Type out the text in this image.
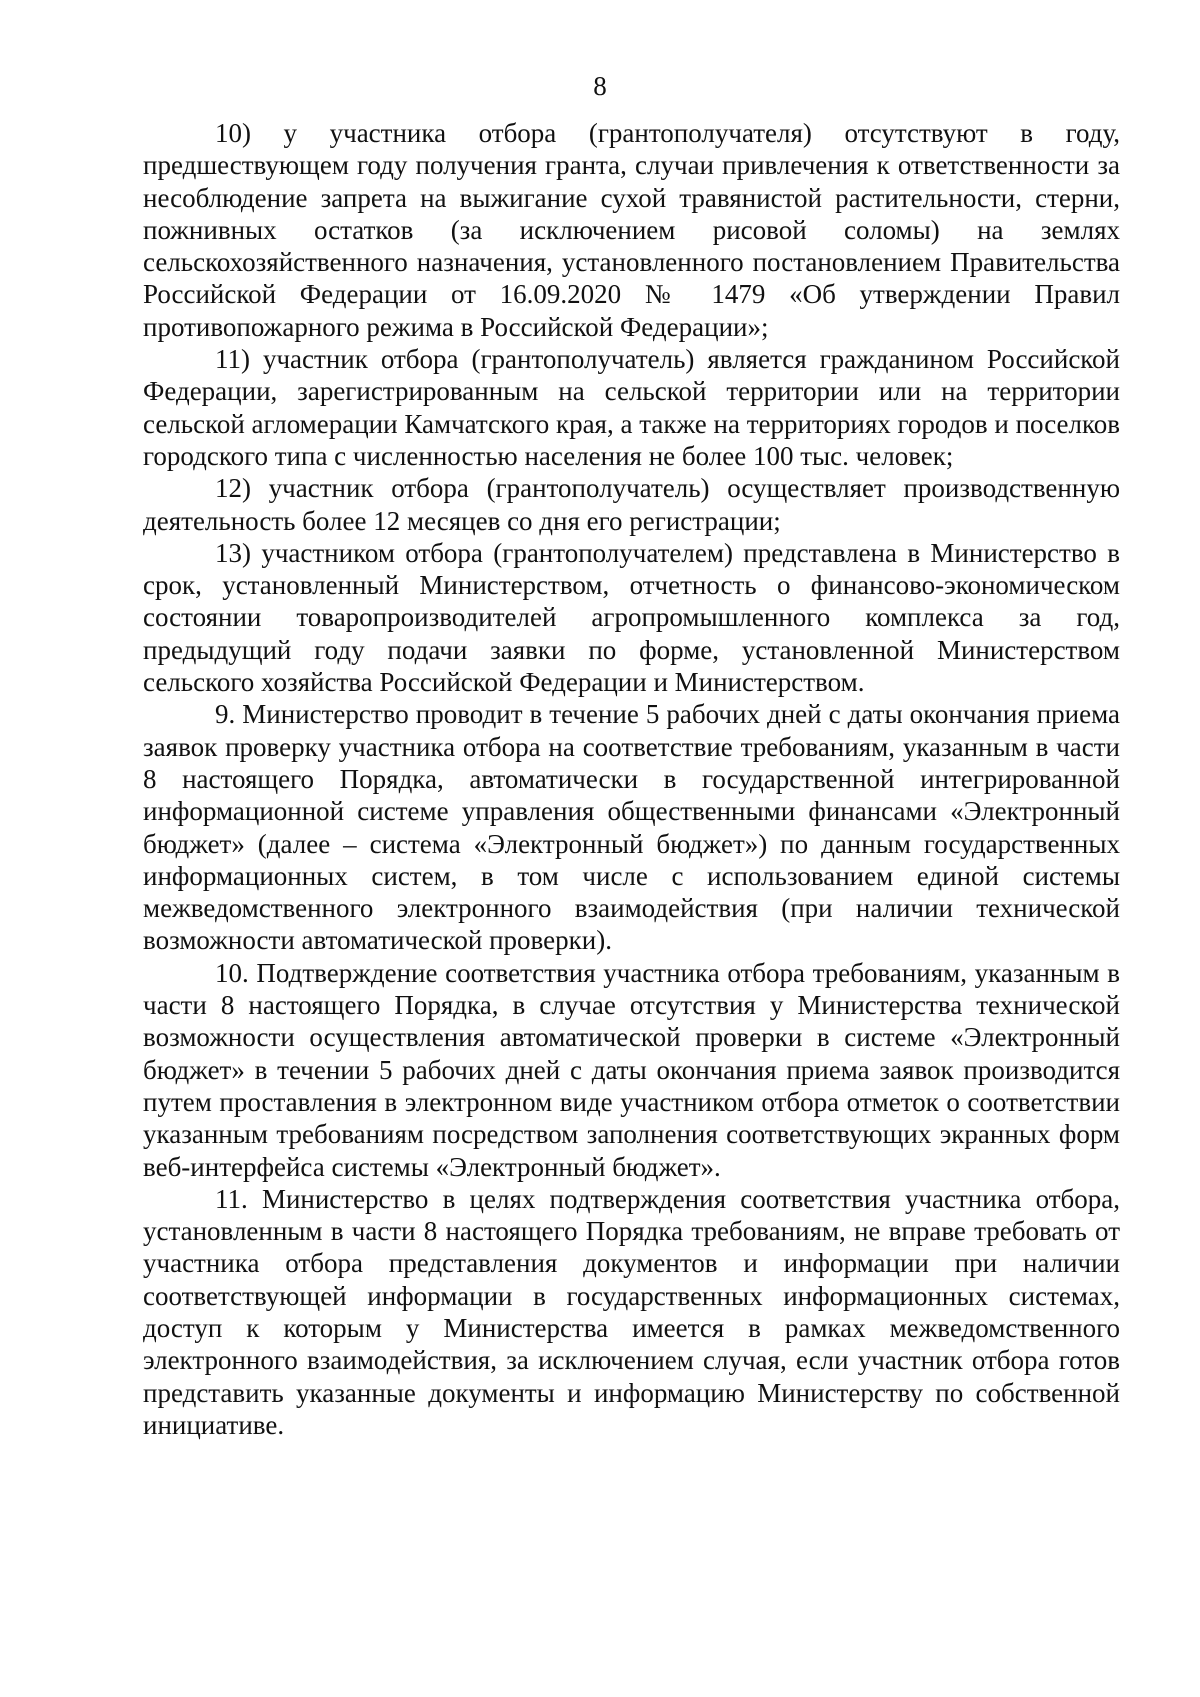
8

10) у участника отбора (грантополучателя) отсутствуют в году, предшествующем году получения гранта, случаи привлечения к ответственности за несоблюдение запрета на выжигание сухой травянистой растительности, стерни, пожнивных остатков (за исключением рисовой соломы) на землях сельскохозяйственного назначения, установленного постановлением Правительства Российской Федерации от 16.09.2020 № 1479 «Об утверждении Правил противопожарного режима в Российской Федерации»;

11) участник отбора (грантополучатель) является гражданином Российской Федерации, зарегистрированным на сельской территории или на территории сельской агломерации Камчатского края, а также на территориях городов и поселков городского типа с численностью населения не более 100 тыс. человек;

12) участник отбора (грантополучатель) осуществляет производственную деятельность более 12 месяцев со дня его регистрации;

13) участником отбора (грантополучателем) представлена в Министерство в срок, установленный Министерством, отчетность о финансово-экономическом состоянии товаропроизводителей агропромышленного комплекса за год, предыдущий году подачи заявки по форме, установленной Министерством сельского хозяйства Российской Федерации и Министерством.

9. Министерство проводит в течение 5 рабочих дней с даты окончания приема заявок проверку участника отбора на соответствие требованиям, указанным в части 8 настоящего Порядка, автоматически в государственной интегрированной информационной системе управления общественными финансами «Электронный бюджет» (далее – система «Электронный бюджет») по данным государственных информационных систем, в том числе с использованием единой системы межведомственного электронного взаимодействия (при наличии технической возможности автоматической проверки).

10. Подтверждение соответствия участника отбора требованиям, указанным в части 8 настоящего Порядка, в случае отсутствия у Министерства технической возможности осуществления автоматической проверки в системе «Электронный бюджет» в течении 5 рабочих дней с даты окончания приема заявок производится путем проставления в электронном виде участником отбора отметок о соответствии указанным требованиям посредством заполнения соответствующих экранных форм веб-интерфейса системы «Электронный бюджет».

11. Министерство в целях подтверждения соответствия участника отбора, установленным в части 8 настоящего Порядка требованиям, не вправе требовать от участника отбора представления документов и информации при наличии соответствующей информации в государственных информационных системах, доступ к которым у Министерства имеется в рамках межведомственного электронного взаимодействия, за исключением случая, если участник отбора готов представить указанные документы и информацию Министерству по собственной инициативе.
